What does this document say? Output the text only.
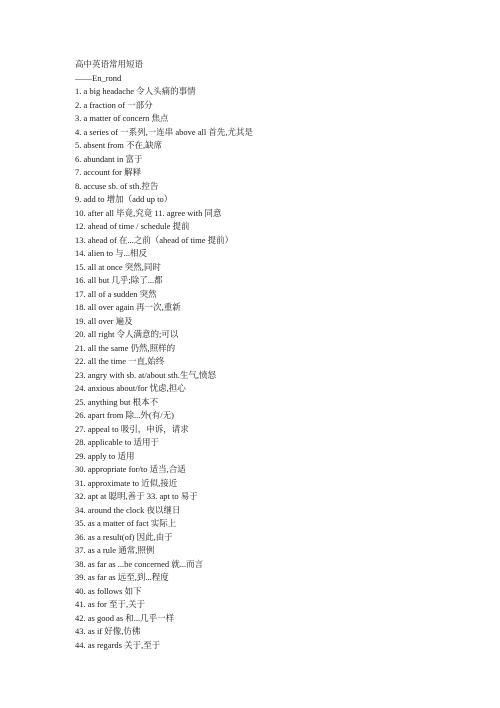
高中英语常用短语
——En_rond
1. a big headache 令人头痛的事情
2. a fraction of 一部分
3. a matter of concern 焦点
4. a series of 一系列,一连串 above all 首先,尤其是
5. absent from 不在,缺席
6. abundant in 富于
7. account for 解释
8. accuse sb. of sth.控告
9. add to 增加（add up to）
10. after all 毕竟,究竟 11. agree with 同意
12. ahead of time / schedule 提前
13. ahead of 在...之前（ahead of time 提前）
14. alien to 与...相反
15. all at once 突然,同时
16. all but 几乎;除了...都
17. all of a sudden 突然
18. all over again 再一次,重新
19. all over 遍及
20. all right 令人满意的;可以
21. all the same 仍然,照样的
22. all the time 一直,始终
23. angry with sb. at/about sth.生气,愤怒
24. anxious about/for 忧虑,担心
25. anything but 根本不
26. apart from 除...外(有/无)
27. appeal to 吸引，申诉，请求
28. applicable to 适用于
29. apply to 适用
30. appropriate for/to 适当,合适
31. approximate to 近似,接近
32. apt at 聪明,善于 33. apt to 易于
34. around the clock 夜以继日
35. as a matter of fact 实际上
36. as a result(of) 因此,由于
37. as a rule 通常,照例
38. as far as ...be concerned 就...而言
39. as far as 远至,到...程度
40. as follows 如下
41. as for 至于,关于
42. as good as 和...几乎一样
43. as if 好像,仿佛
44. as regards 关于,至于
